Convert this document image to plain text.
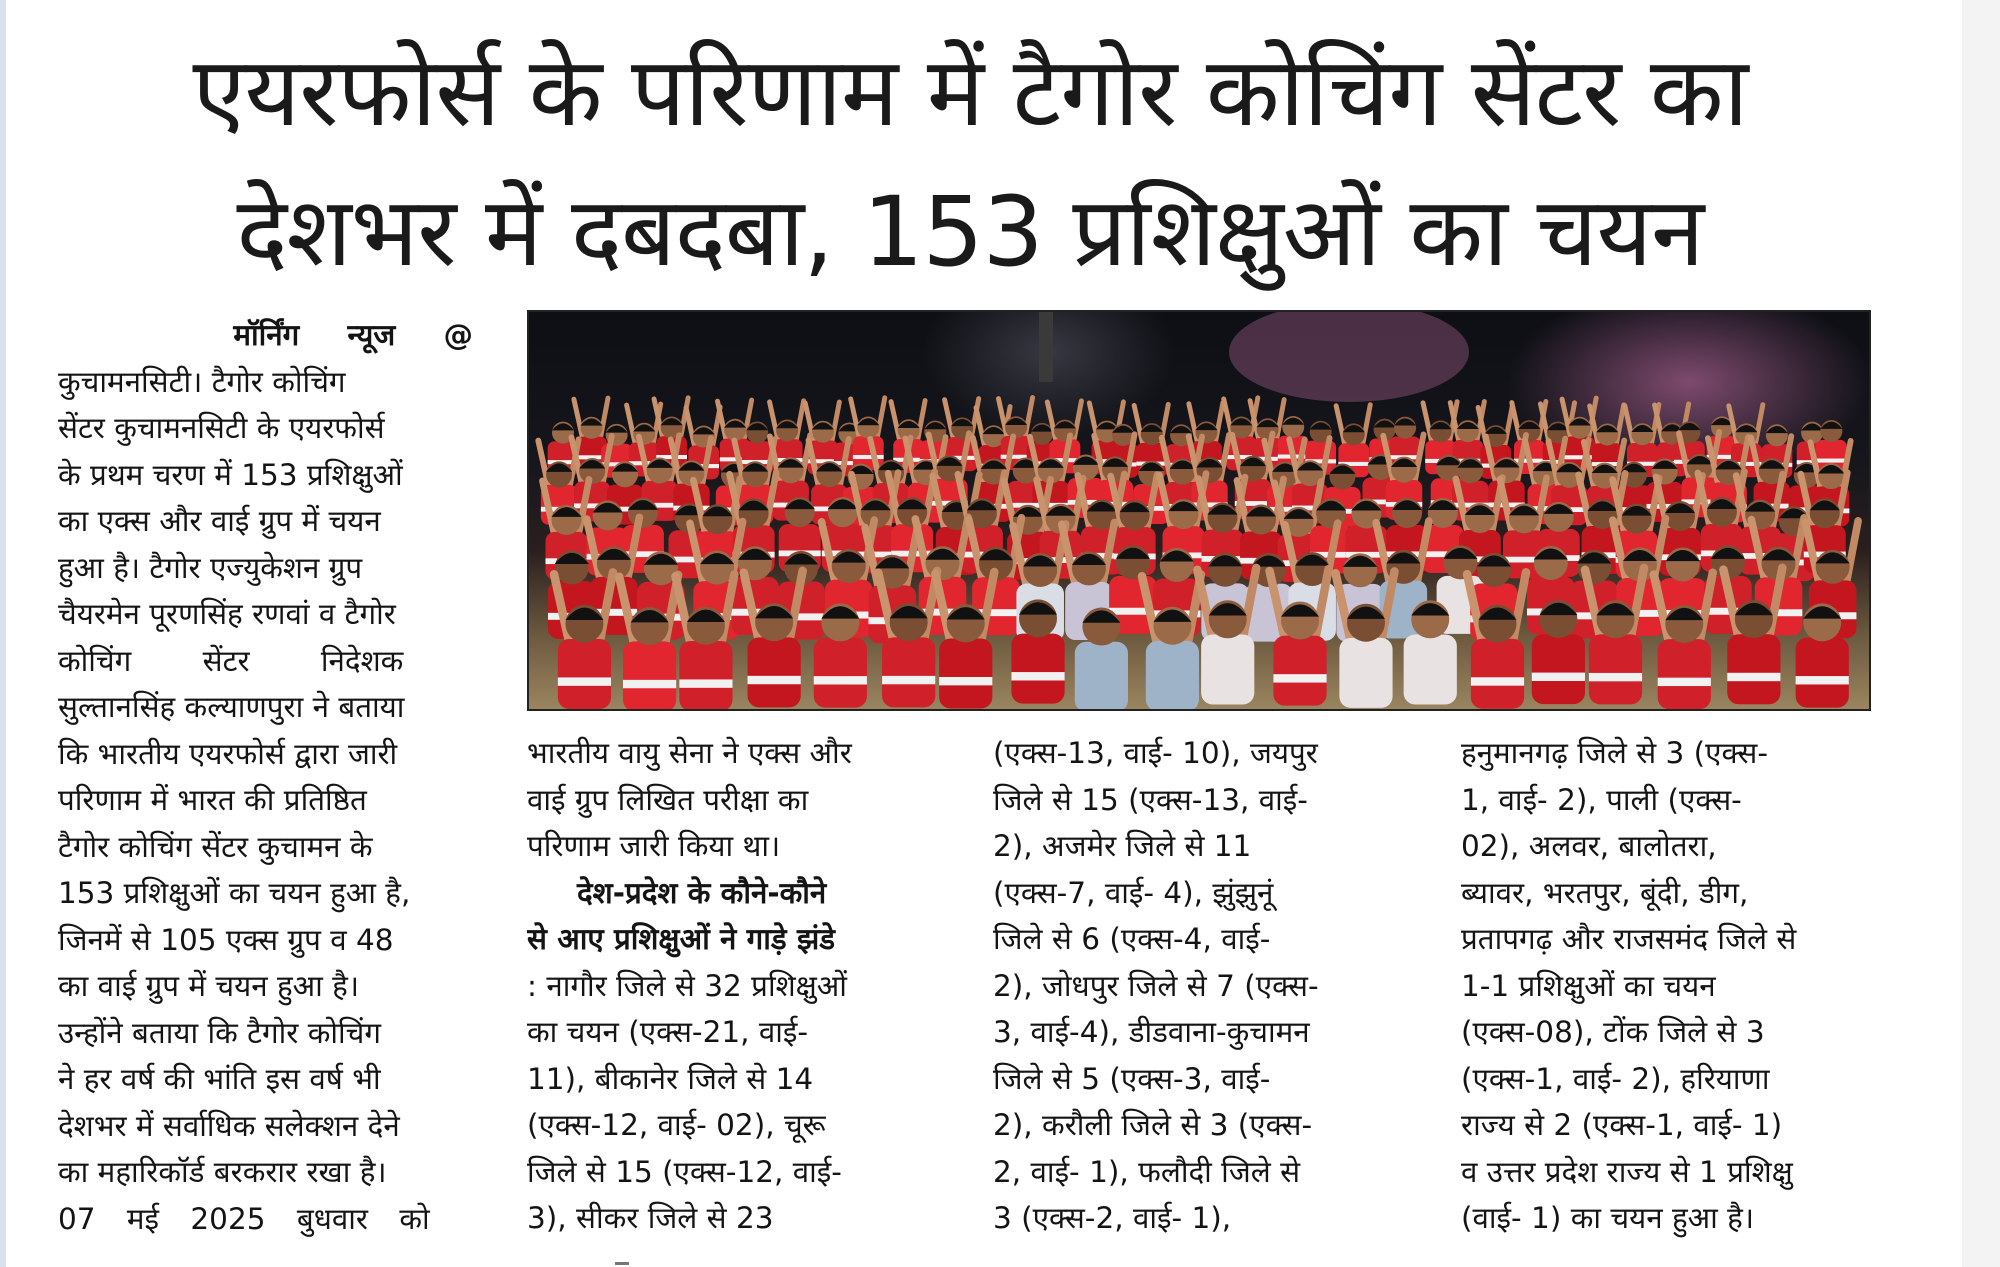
एयरफोर्स के परिणाम में टैगोर कोचिंग सेंटर का
देशभर में दबदबा, 153 प्रशिक्षुओं का चयन
मॉर्निंग न्यूज @
कुचामनसिटी। टैगोर कोचिंग
सेंटर कुचामनसिटी के एयरफोर्स
के प्रथम चरण में 153 प्रशिक्षुओं
का एक्स और वाई ग्रुप में चयन
हुआ है। टैगोर एज्युकेशन ग्रुप
चैयरमेन पूरणसिंह रणवां व टैगोर
कोचिंग सेंटर निदेशक
सुल्तानसिंह कल्याणपुरा ने बताया
कि भारतीय एयरफोर्स द्वारा जारी
परिणाम में भारत की प्रतिष्ठित
टैगोर कोचिंग सेंटर कुचामन के
153 प्रशिक्षुओं का चयन हुआ है,
जिनमें से 105 एक्स ग्रुप व 48
का वाई ग्रुप में चयन हुआ है।
उन्होंने बताया कि टैगोर कोचिंग
ने हर वर्ष की भांति इस वर्ष भी
देशभर में सर्वाधिक सलेक्शन देने
का महारिकॉर्ड बरकरार रखा है।
07 मई 2025 बुधवार को
भारतीय वायु सेना ने एक्स और
वाई ग्रुप लिखित परीक्षा का
परिणाम जारी किया था।
देश-प्रदेश के कौने-कौने
से आए प्रशिक्षुओं ने गाड़े झंडे
: नागौर जिले से 32 प्रशिक्षुओं
का चयन (एक्स-21, वाई-
11), बीकानेर जिले से 14
(एक्स-12, वाई- 02), चूरू
जिले से 15 (एक्स-12, वाई-
3), सीकर जिले से 23
(एक्स-13, वाई- 10), जयपुर
जिले से 15 (एक्स-13, वाई-
2), अजमेर जिले से 11
(एक्स-7, वाई- 4), झुंझुनूं
जिले से 6 (एक्स-4, वाई-
2), जोधपुर जिले से 7 (एक्स-
3, वाई-4), डीडवाना-कुचामन
जिले से 5 (एक्स-3, वाई-
2), करौली जिले से 3 (एक्स-
2, वाई- 1), फलौदी जिले से
3 (एक्स-2, वाई- 1),
हनुमानगढ़ जिले से 3 (एक्स-
1, वाई- 2), पाली (एक्स-
02), अलवर, बालोतरा,
ब्यावर, भरतपुर, बूंदी, डीग,
प्रतापगढ़ और राजसमंद जिले से
1-1 प्रशिक्षुओं का चयन
(एक्स-08), टोंक जिले से 3
(एक्स-1, वाई- 2), हरियाणा
राज्य से 2 (एक्स-1, वाई- 1)
व उत्तर प्रदेश राज्य से 1 प्रशिक्षु
(वाई- 1) का चयन हुआ है।
